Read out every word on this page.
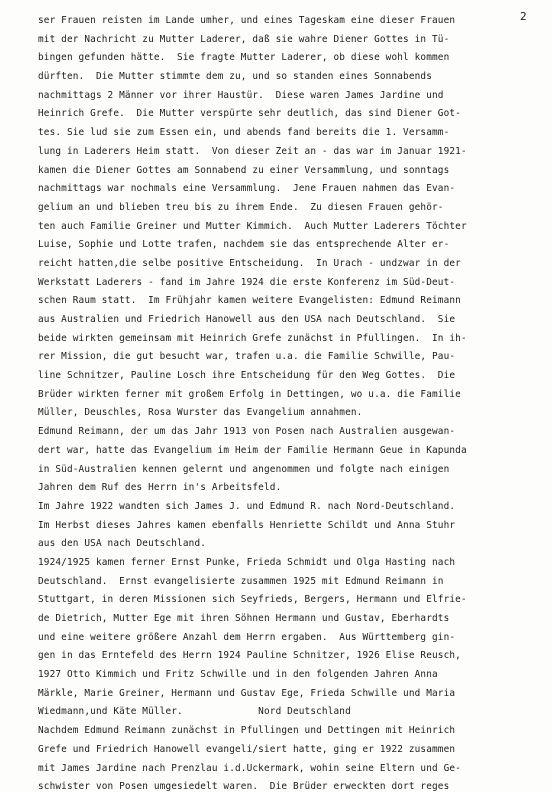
2
ser Frauen reisten im Lande umher, und eines Tageskam eine dieser Frauen
mit der Nachricht zu Mutter Laderer, daß sie wahre Diener Gottes in Tü-
bingen gefunden hätte.  Sie fragte Mutter Laderer, ob diese wohl kommen
dürften.  Die Mutter stimmte dem zu, und so standen eines Sonnabends
nachmittags 2 Männer vor ihrer Haustür.  Diese waren James Jardine und
Heinrich Grefe.  Die Mutter verspürte sehr deutlich, das sind Diener Got-
tes. Sie lud sie zum Essen ein, und abends fand bereits die 1. Versamm-
lung in Laderers Heim statt.  Von dieser Zeit an - das war im Januar 1921-
kamen die Diener Gottes am Sonnabend zu einer Versammlung, und sonntags
nachmittags war nochmals eine Versammlung.  Jene Frauen nahmen das Evan-
gelium an und blieben treu bis zu ihrem Ende.  Zu diesen Frauen gehör-
ten auch Familie Greiner und Mutter Kimmich.  Auch Mutter Laderers Töchter
Luise, Sophie und Lotte trafen, nachdem sie das entsprechende Alter er-
reicht hatten,die selbe positive Entscheidung.  In Urach - undzwar in der
Werkstatt Laderers - fand im Jahre 1924 die erste Konferenz im Süd-Deut-
schen Raum statt.  Im Frühjahr kamen weitere Evangelisten: Edmund Reimann
aus Australien und Friedrich Hanowell aus den USA nach Deutschland.  Sie
beide wirkten gemeinsam mit Heinrich Grefe zunächst in Pfullingen.  In ih-
rer Mission, die gut besucht war, trafen u.a. die Familie Schwille, Pau-
line Schnitzer, Pauline Losch ihre Entscheidung für den Weg Gottes.  Die
Brüder wirkten ferner mit großem Erfolg in Dettingen, wo u.a. die Familie
Müller, Deuschles, Rosa Wurster das Evangelium annahmen.
Edmund Reimann, der um das Jahr 1913 von Posen nach Australien ausgewan-
dert war, hatte das Evangelium im Heim der Familie Hermann Geue in Kapunda
in Süd-Australien kennen gelernt und angenommen und folgte nach einigen
Jahren dem Ruf des Herrn in's Arbeitsfeld.
Im Jahre 1922 wandten sich James J. und Edmund R. nach Nord-Deutschland.
Im Herbst dieses Jahres kamen ebenfalls Henriette Schildt und Anna Stuhr
aus den USA nach Deutschland.
1924/1925 kamen ferner Ernst Punke, Frieda Schmidt und Olga Hasting nach
Deutschland.  Ernst evangelisierte zusammen 1925 mit Edmund Reimann in
Stuttgart, in deren Missionen sich Seyfrieds, Bergers, Hermann und Elfrie-
de Dietrich, Mutter Ege mit ihren Söhnen Hermann und Gustav, Eberhardts
und eine weitere größere Anzahl dem Herrn ergaben.  Aus Württemberg gin-
gen in das Erntefeld des Herrn 1924 Pauline Schnitzer, 1926 Elise Reusch,
1927 Otto Kimmich und Fritz Schwille und in den folgenden Jahren Anna
Märkle, Marie Greiner, Hermann und Gustav Ege, Frieda Schwille und Maria
Wiedmann,und Käte Müller.             Nord Deutschland
Nachdem Edmund Reimann zunächst in Pfullingen und Dettingen mit Heinrich
Grefe und Friedrich Hanowell evangeli/siert hatte, ging er 1922 zusammen
mit James Jardine nach Prenzlau i.d.Uckermark, wohin seine Eltern und Ge-
schwister von Posen umgesiedelt waren.  Die Brüder erweckten dort reges
